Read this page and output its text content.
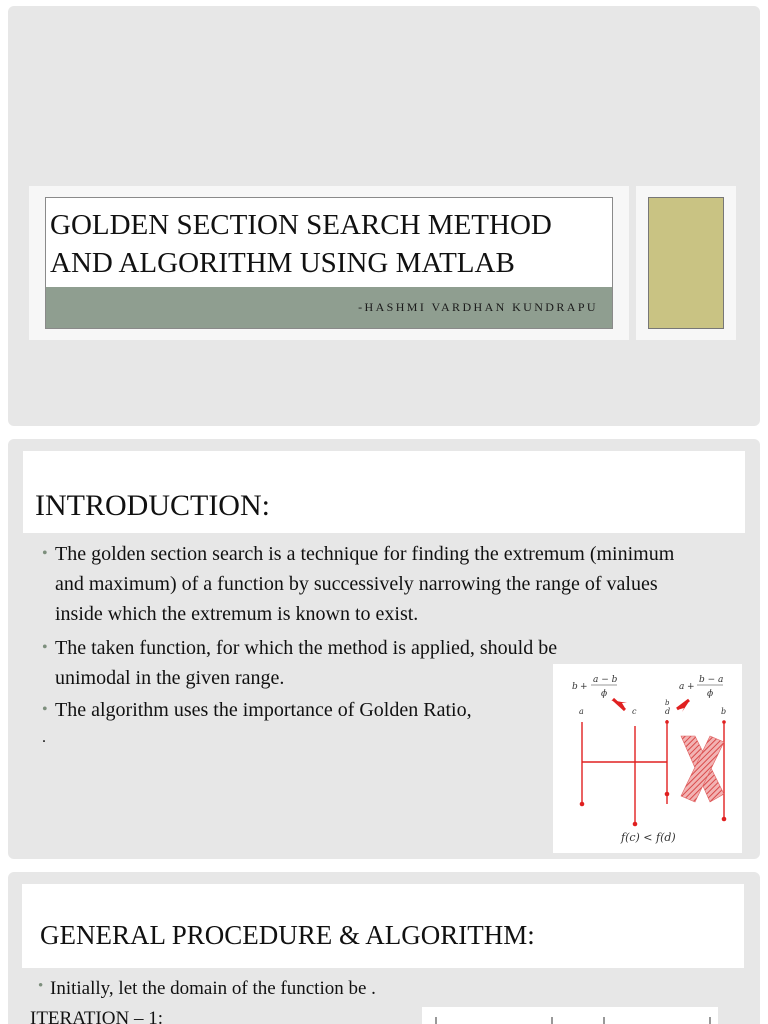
GOLDEN SECTION SEARCH METHOD
AND ALGORITHM USING MATLAB
-HASHMI VARDHAN KUNDRAPU
INTRODUCTION:
• The golden section search is a technique for finding the extremum (minimum and maximum) of a function by successively narrowing the range of values inside which the extremum is known to exist.
• The taken function, for which the method is applied, should be unimodal in the given range.
• The algorithm uses the importance of Golden Ratio,
.
b +
a − b
ϕ
a +
b − a
ϕ
a	c
b
d	b
f(c) < f(d)
GENERAL PROCEDURE & ALGORITHM:
• Initially, let the domain of the function be .
ITERATION – 1:
